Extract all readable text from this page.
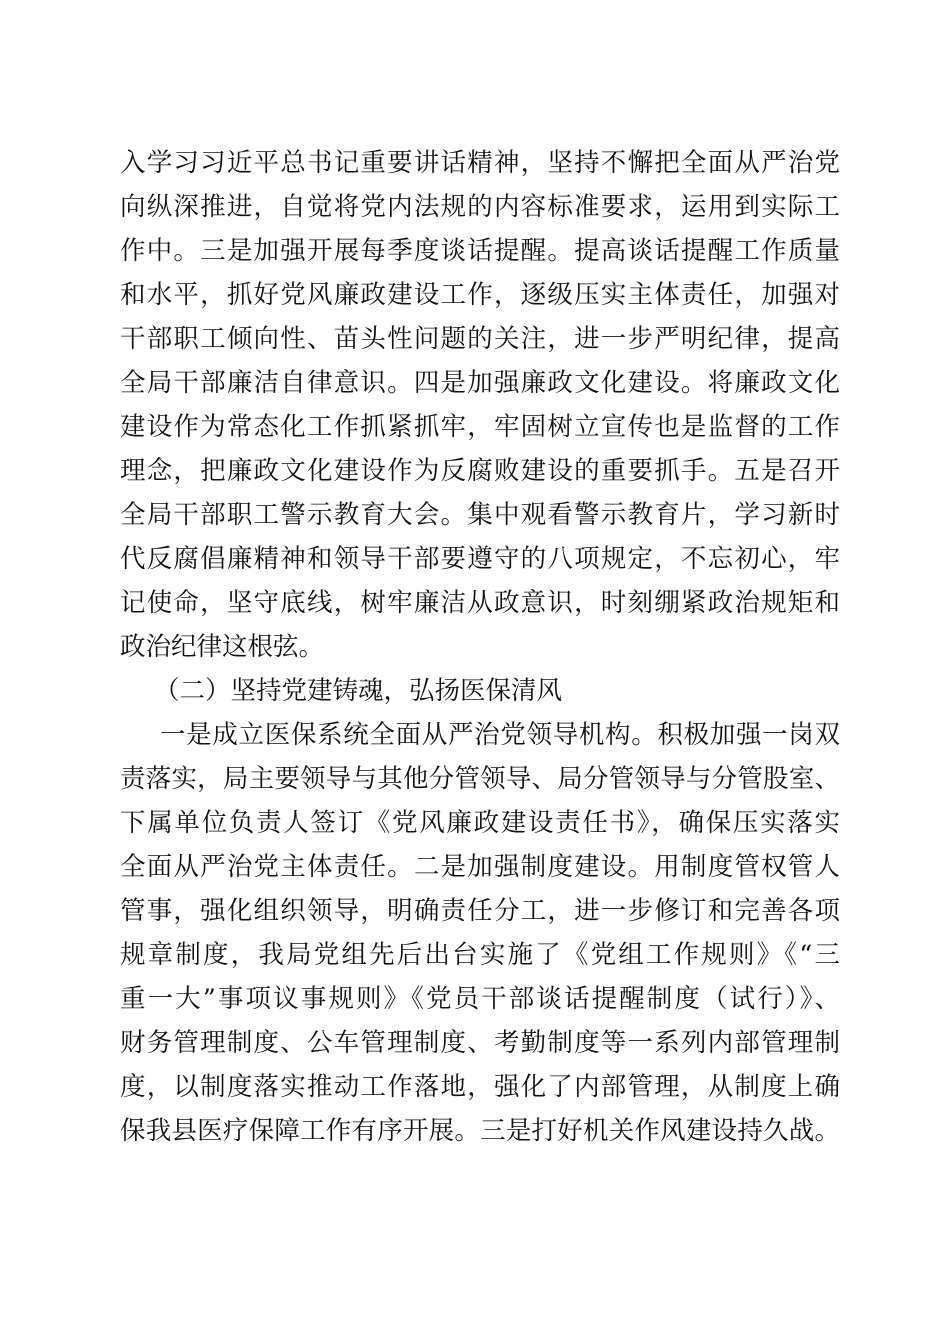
入学习习近平总书记重要讲话精神，坚持不懈把全面从严治党
向纵深推进，自觉将党内法规的内容标准要求，运用到实际工
作中。三是加强开展每季度谈话提醒。提高谈话提醒工作质量
和水平，抓好党风廉政建设工作，逐级压实主体责任，加强对
干部职工倾向性、苗头性问题的关注，进一步严明纪律，提高
全局干部廉洁自律意识。四是加强廉政文化建设。将廉政文化
建设作为常态化工作抓紧抓牢，牢固树立宣传也是监督的工作
理念，把廉政文化建设作为反腐败建设的重要抓手。五是召开
全局干部职工警示教育大会。集中观看警示教育片，学习新时
代反腐倡廉精神和领导干部要遵守的八项规定，不忘初心，牢
记使命，坚守底线，树牢廉洁从政意识，时刻绷紧政治规矩和
政治纪律这根弦。
（二）坚持党建铸魂，弘扬医保清风
一是成立医保系统全面从严治党领导机构。积极加强一岗双
责落实，局主要领导与其他分管领导、局分管领导与分管股室、
下属单位负责人签订《党风廉政建设责任书》，确保压实落实
全面从严治党主体责任。二是加强制度建设。用制度管权管人
管事，强化组织领导，明确责任分工，进一步修订和完善各项
规章制度，我局党组先后出台实施了《党组工作规则》《“三
重一大”事项议事规则》《党员干部谈话提醒制度（试行）》、
财务管理制度、公车管理制度、考勤制度等一系列内部管理制
度，以制度落实推动工作落地，强化了内部管理，从制度上确
保我县医疗保障工作有序开展。三是打好机关作风建设持久战。
